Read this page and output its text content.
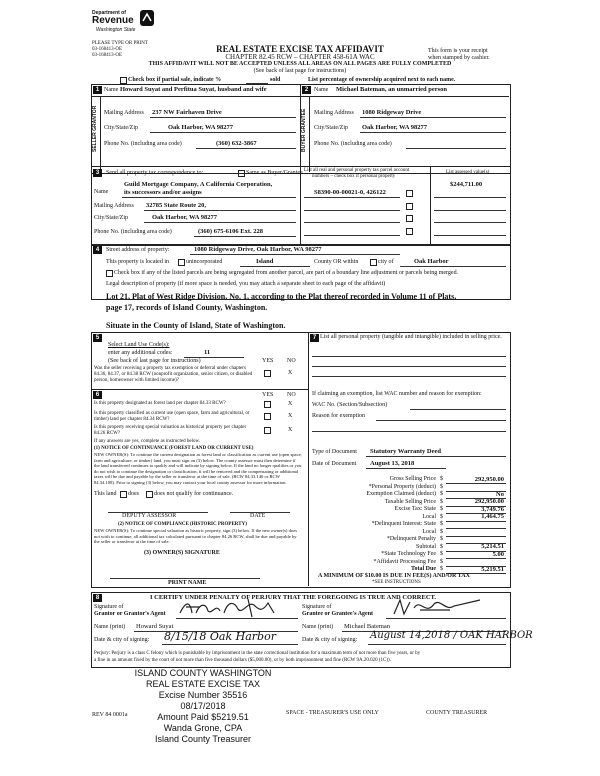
Department of
Revenue
Washington State
PLEASE TYPE OR PRINT
03-168413-OE
03-168413-OE
REAL ESTATE EXCISE TAX AFFIDAVIT
CHAPTER 82.45 RCW – CHAPTER 458-61A WAC
THIS AFFIDAVIT WILL NOT BE ACCEPTED UNLESS ALL AREAS ON ALL PAGES ARE FULLY COMPLETED
(See back of last page for instructions)
This form is your receipt
when stamped by cashier.
Check box if partial sale, indicate %	sold	List percentage of ownership acquired next to each name.
1 Name Howard Suyat and Perfitua Suyat, husband and wife
SELLER GRANTOR Mailing Address 237 NW Fairhaven Drive
City/State/Zip	Oak Harbor, WA 98277
Phone No. (including area code)	(360) 632-3867
2 Name Michael Bateman, an unmarried person
BUYER GRANTEE Mailing Address 1080 Ridgeway Drive
City/State/Zip Oak Harbor, WA 98277
Phone No. (including area code)
3	Send all property tax correspondence to:	Same as Buyer/Grantee
Name
Guild Mortgage Company, A California Corporation,
its successors and/or assigns
Mailing Address 32785 State Route 20,
City/State/Zip	Oak Harbor, WA 98277
Phone No. (including area code)	(360) 675-6106 Ext. 228
List all real and personal property tax parcel account
numbers – check box if personal property
List assessed value(s)
$244,711.00
S8390-00-00021-0, 426122
4	Street address of property:	1080 Ridgeway Drive, Oak Harbor, WA 98277
This property is located in	unincorporated	Island	County OR within	city of	Oak Harbor
Check box if any of the listed parcels are being segregated from another parcel, are part of a boundary line adjustment or parcels being merged.
Legal description of property (if more space is needed, you may attach a separate sheet to each page of the affidavit)
Lot 21, Plat of West Ridge Division, No. 1, according to the Plat thereof recorded in Volume 11 of Plats,
page 17, records of Island County, Washington.
Situate in the County of Island, State of Washington.
5
Select Land Use Code(s):
enter any additional codes:	11
(See back of last page for instructions)	YES NO
Was the seller receiving a property tax exemption or deferral under chapters 84.36, 84.37, or 84.38 RCW (nonprofit organization, senior citizen, or disabled person, homeowner with limited income)?
X
6	YES NO
Is this property designated as forest land per chapter 84.33 RCW?	X
Is this property classified as current use (open space, farm and agricultural, or timber) land per chapter 84.34 RCW?
X
Is this property receiving special valuation as historical property per chapter 84.26 RCW?
X
If any answers are yes, complete as instructed below.
(1) NOTICE OF CONTINUANCE (FOREST LAND OR CURRENT USE)
NEW OWNER(S): To continue the current designation as forest land or classification as current use (open space, farm and agriculture, or timber) land, you must sign on (3) below. The county assessor must then determine if the land transferred continues to qualify and will indicate by signing below. If the land no longer qualifies or you do not wish to continue the designation or classification, it will be removed and the compensating or additional taxes will be due and payable by the seller or transferor at the time of sale. (RCW 84.33.140 or RCW 84.34.108). Prior to signing (3) below, you may contact your local county assessor for more information.
This land does	does not qualify for continuance.
DEPUTY ASSESSOR	DATE
(2) NOTICE OF COMPLIANCE (HISTORIC PROPERTY)
NEW OWNER(S): To continue special valuation as historic property, sign (3) below. If the new owner(s) does not wish to continue, all additional tax calculated pursuant to chapter 84.26 RCW, shall be due and payable by the seller or transferor at the time of sale.
(3) OWNER(S) SIGNATURE
PRINT NAME
7 List all personal property (tangible and intangible) included in selling price.
If claiming an exemption, list WAC number and reason for exemption:
WAC No. (Section/Subsection)
Reason for exemption
Type of Document Statutory Warranty Deed
Date of Document August 13, 2018
Gross Selling Price $	292,950.00
*Personal Property (deduct) $
Exemption Claimed (deduct) $	No
Taxable Selling Price $	292,950.00
Excise Tax: State $	3,749.76
Local $	1,464.75
*Delinquent Interest: State $
Local $
*Delinquent Penalty $
Subtotal $	5,214.51
*State Technology Fee $	5.00
*Affidavit Processing Fee $
Total Due $	5,219.51
A MINIMUM OF $10.00 IS DUE IN FEE(S) AND/OR TAX
*SEE INSTRUCTIONS
8	I CERTIFY UNDER PENALTY OF PERJURY THAT THE FOREGOING IS TRUE AND CORRECT.
Signature of
Grantor or Grantor's Agent
Signature of
Grantee or Grantee's Agent
Name (print) Howard Suyat	Name (print) Michael Bateman
Date & city of signing: 8/15/18 Oak Harbor	Date & city of signing: August 14,2018 / OAK HARBOR
Perjury: Perjury is a class C felony which is punishable by imprisonment in the state correctional institution for a maximum term of not more than five years, or by
a fine in an amount fixed by the court of not more than five thousand dollars ($5,000.00), or by both imprisonment and fine (RCW 9A.20.020 (1C)).
ISLAND COUNTY WASHINGTON
REAL ESTATE EXCISE TAX
Excise Number 35516
08/17/2018
Amount Paid $5219.51
Wanda Grone, CPA
Island County Treasurer
REV 84 0001a	SPACE - TREASURER'S USE ONLY	COUNTY TREASURER
